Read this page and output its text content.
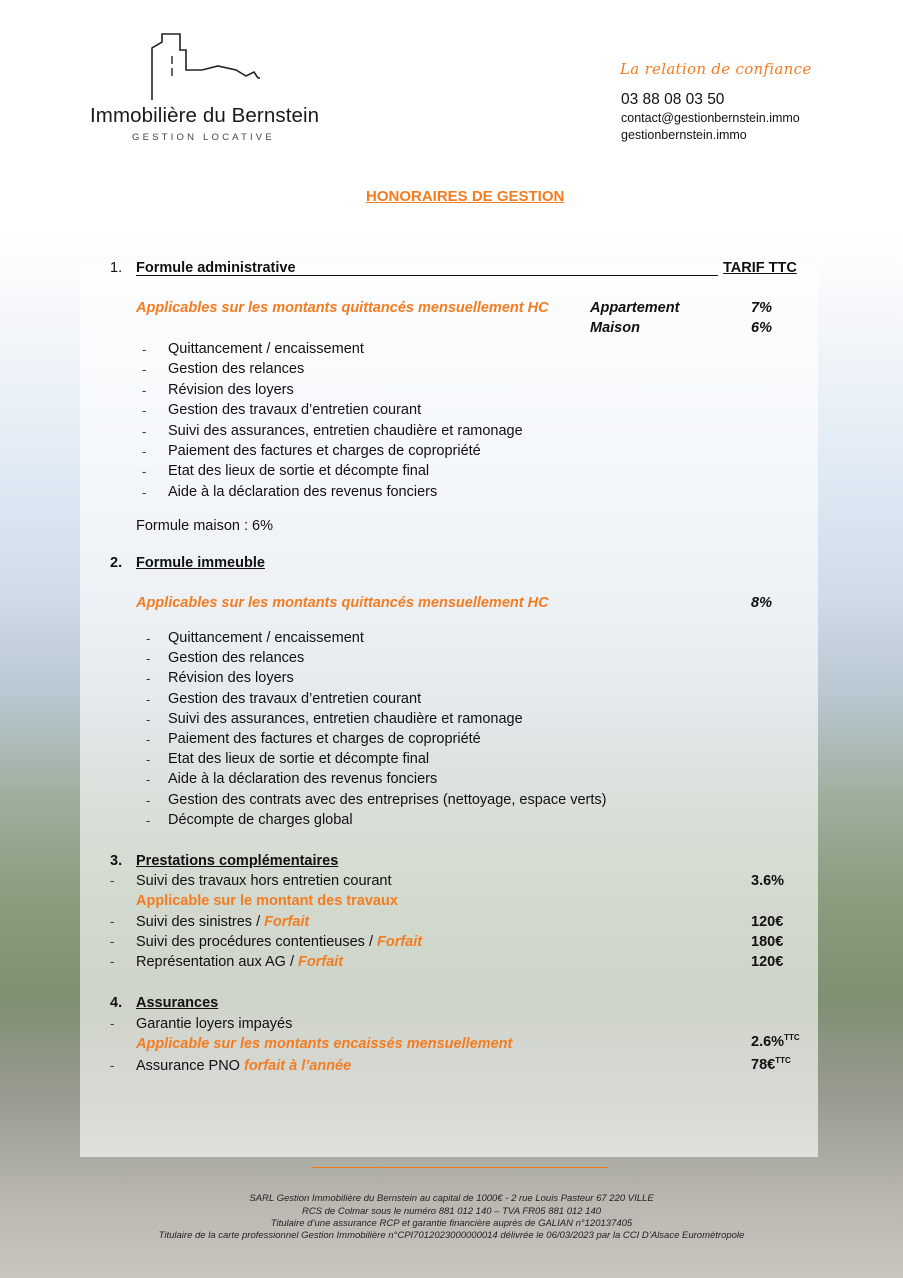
Immobilière du Bernstein
GESTION LOCATIVE
La relation de confiance
03 88 08 03 50
contact@gestionbernstein.immo
gestionbernstein.immo
HONORAIRES DE GESTION
1. Formule administrative	TARIF TTC
Applicables sur les montants quittancés mensuellement HC	Appartement	7%
Maison	6%
- Quittancement / encaissement
- Gestion des relances
- Révision des loyers
- Gestion des travaux d’entretien courant
- Suivi des assurances, entretien chaudière et ramonage
- Paiement des factures et charges de copropriété
- Etat des lieux de sortie et décompte final
- Aide à la déclaration des revenus fonciers
Formule maison : 6%
2. Formule immeuble
Applicables sur les montants quittancés mensuellement HC	8%
- Quittancement / encaissement
- Gestion des relances
- Révision des loyers
- Gestion des travaux d’entretien courant
- Suivi des assurances, entretien chaudière et ramonage
- Paiement des factures et charges de copropriété
- Etat des lieux de sortie et décompte final
- Aide à la déclaration des revenus fonciers
- Gestion des contrats avec des entreprises (nettoyage, espace verts)
- Décompte de charges global
3. Prestations complémentaires
- Suivi des travaux hors entretien courant	3.6%
Applicable sur le montant des travaux
- Suivi des sinistres / Forfait	120€
- Suivi des procédures contentieuses / Forfait	180€
- Représentation aux AG / Forfait	120€
4. Assurances
- Garantie loyers impayés
Applicable sur les montants encaissés mensuellement	2.6%$^{TTC}$
- Assurance PNO forfait à l’année	78€$^{TTC}$
SARL Gestion Immobilière du Bernstein au capital de 1000€ - 2 rue Louis Pasteur 67 220 VILLE
RCS de Colmar sous le numéro 881 012 140 – TVA FR05 881 012 140
Titulaire d’une assurance RCP et garantie financière auprès de GALIAN n°120137405
Titulaire de la carte professionnel Gestion Immobilière n°CPI7012023000000014 délivrée le 06/03/2023 par la CCI D’Alsace Eurométropole
